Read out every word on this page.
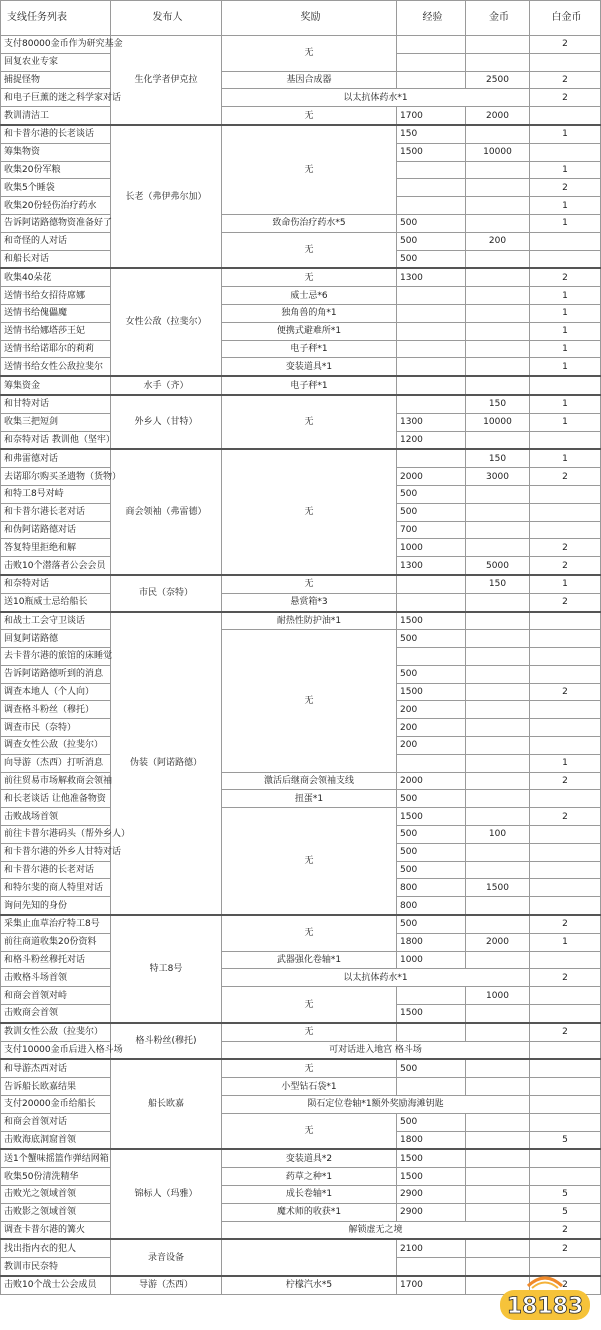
支线任务列表	发布人	奖励	经验	金币	白金币
支付80000金币作为研究基金	生化学者伊克拉	无			2
回复农业专家					
捕捉怪物		基因合成器		2500	2
和电子巨薰的迷之科学家对话		以太抗体药水*1			2
教训清洁工		无	1700	2000	
和卡普尔港的长老谈话	长老（弗伊弗尔加）	无	150		1
筹集物资			1500	10000	
收集20份军粮					1
收集5个睡袋					2
收集20份轻伤治疗药水					1
告诉阿诺路德物资准备好了		致命伤治疗药水*5	500		1
和奇怪的人对话		无	500	200	
和船长对话			500		
收集40朵花	女性公敌（拉斐尔）	无	1300		2
送情书给女招待席娜		威士忌*6			1
送情书给傀儡魔		独角兽的角*1			1
送情书给娜塔莎王妃		便携式避难所*1			1
送情书给诺耶尔的莉莉		电子秤*1			1
送情书给女性公敌拉斐尔		变装道具*1			1
筹集资金	水手（齐）	电子秤*1			
和甘特对话	外乡人（甘特）	无		150	1
收集三把短剑			1300	10000	1
和奈特对话 教训他（坚牢）			1200		
和弗雷德对话	商会领袖（弗雷德）	无		150	1
去诺耶尔购买圣遗物（货物）			2000	3000	2
和特工8号对峙			500		
和卡普尔港长老对话			500		
和伪阿诺路德对话			700		
答复特里拒绝和解			1000		2
击败10个潜落者公会会员			1300	5000	2
和奈特对话	市民（奈特）	无		150	1
送10瓶威士忌给船长		悬赏箱*3			2
和战士工会守卫谈话	伪装（阿诺路德）	耐热性防护油*1	1500		
回复阿诺路德		无	500		
去卡普尔港的旅馆的床睡觉					
告诉阿诺路德听到的消息			500		
调查本地人（个人向）			1500		2
调查格斗粉丝（穆托）			200		
调查市民（奈特）			200		
调查女性公敌（拉斐尔）			200		
向导游（杰西）打听消息					1
前往贸易市场解救商会领袖		激活后继商会领袖支线	2000		2
和长老谈话 让他准备物资		扭蛋*1	500		
击败战场首领		无	1500		2
前往卡普尔港码头（帮外乡人）			500	100	
和卡普尔港的外乡人甘特对话			500		
和卡普尔港的长老对话			500		
和特尔斐的商人特里对话			800	1500	
询问先知的身份			800		
采集止血草治疗特工8号	特工8号	无	500		2
前往商道收集20份资料			1800	2000	1
和格斗粉丝穆托对话		武器强化卷轴*1	1000		
击败格斗场首领		以太抗体药水*1			2
和商会首领对峙		无		1000	
击败商会首领			1500		
教训女性公敌（拉斐尔）	格斗粉丝(穆托)	无			2
支付10000金币后进入格斗场		可对话进入地宫 格斗场			
和导游杰西对话	船长欧嘉	无	500		
告诉船长欧嘉结果		小型钻石袋*1			
支付20000金币给船长		陨石定位卷轴*1额外奖励海滩钥匙			
和商会首领对话		无	500		
击败海底洞窟首领			1800		5
送1个蟹味摇篮作弹结网箱	锦标人（玛雅）	变装道具*2	1500		
收集50份清洗精华		药草之种*1	1500		
击败光之领域首领		成长卷轴*1	2900		5
击败影之领域首领		魔术师的收获*1	2900		5
调查卡普尔港的篝火		解锁虚无之境			2
找出指内衣的犯人	录音设备		2100		2
教训市民奈特					
击败10个战士公会成员	导游（杰西）	柠檬汽水*5	1700		2
18183
